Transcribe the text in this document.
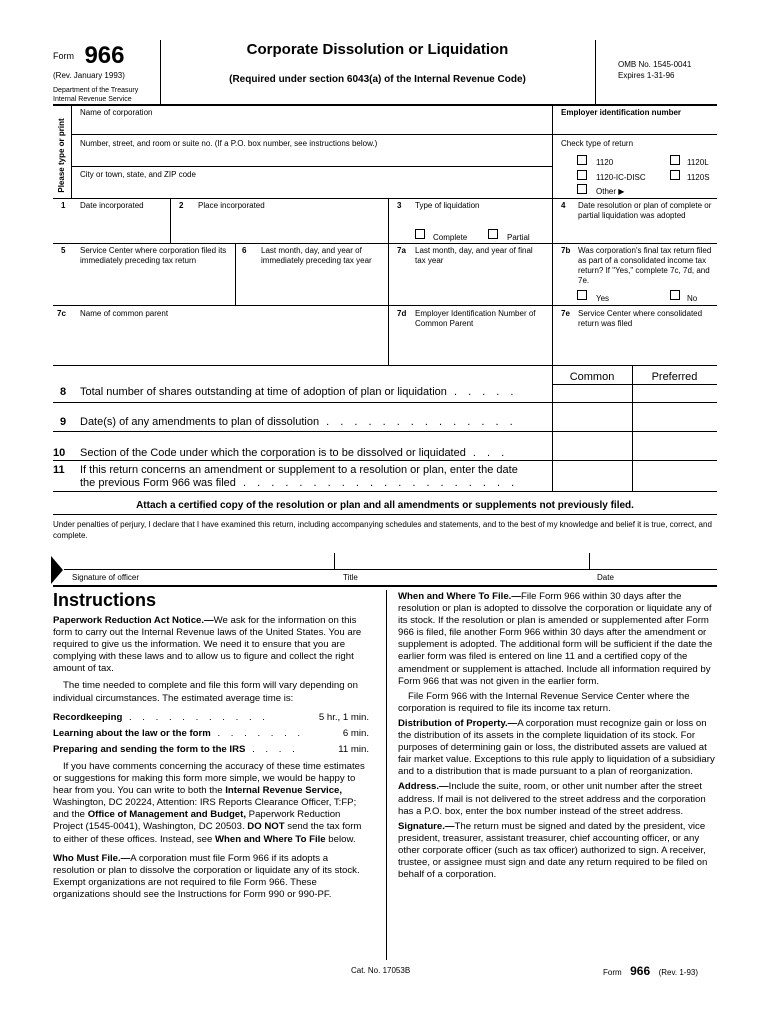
Form 966
(Rev. January 1993)
Department of the Treasury
Internal Revenue Service
Corporate Dissolution or Liquidation
(Required under section 6043(a) of the Internal Revenue Code)
OMB No. 1545-0041
Expires 1-31-96
Please type or print
Name of corporation	Employer identification number
Number, street, and room or suite no. (If a P.O. box number, see instructions below.)	Check type of return
City or town, state, and ZIP code
1120	1120L
1120-IC-DISC	1120S
Other ▶
1 Date incorporated	2 Place incorporated	3 Type of liquidation
Complete	Partial
4 Date resolution or plan of complete or partial liquidation was adopted
5 Service Center where corporation filed its immediately preceding tax return
6 Last month, day, and year of immediately preceding tax year
7a Last month, day, and year of final tax year
7b Was corporation's final tax return filed as part of a consolidated income tax return? If "Yes," complete 7c, 7d, and 7e.
Yes	No
7c Name of common parent	7d Employer Identification Number of Common Parent
7e Service Center where consolidated return was filed
Common	Preferred
8 Total number of shares outstanding at time of adoption of plan or liquidation . . . . .
9 Date(s) of any amendments to plan of dissolution . . . . . . . . . . . . . .
10 Section of the Code under which the corporation is to be dissolved or liquidated . . .
11 If this return concerns an amendment or supplement to a resolution or plan, enter the date
the previous Form 966 was filed . . . . . . . . . . . . . . . . . . . .
Attach a certified copy of the resolution or plan and all amendments or supplements not previously filed.
Under penalties of perjury, I declare that I have examined this return, including accompanying schedules and statements, and to the best of my knowledge and belief it is true, correct, and complete.
Signature of officer	Title	Date
Instructions

Paperwork Reduction Act Notice.—We ask for the information on this form to carry out the Internal Revenue laws of the United States. You are required to give us the information. We need it to ensure that you are complying with these laws and to allow us to figure and collect the right amount of tax.

The time needed to complete and file this form will vary depending on individual circumstances. The estimated average time is:

Recordkeeping . . . . . . . . . . .	5 hr., 1 min.

Learning about the law or the form . . . . . . .	6 min.

Preparing and sending the form to the IRS . . . .	11 min.

If you have comments concerning the accuracy of these time estimates or suggestions for making this form more simple, we would be happy to hear from you. You can write to both the Internal Revenue Service, Washington, DC 20224, Attention: IRS Reports Clearance Officer, T:FP; and the Office of Management and Budget, Paperwork Reduction Project (1545-0041), Washington, DC 20503. DO NOT send the tax form to either of these offices. Instead, see When and Where To File below.

Who Must File.—A corporation must file Form 966 if its adopts a resolution or plan to dissolve the corporation or liquidate any of its stock. Exempt organizations are not required to file Form 966. These organizations should see the Instructions for Form 990 or 990-PF.

When and Where To File.—File Form 966 within 30 days after the resolution or plan is adopted to dissolve the corporation or liquidate any of its stock. If the resolution or plan is amended or supplemented after Form 966 is filed, file another Form 966 within 30 days after the amendment or supplement is adopted. The additional form will be sufficient if the date the earlier form was filed is entered on line 11 and a certified copy of the amendment or supplement is attached. Include all information required by Form 966 that was not given in the earlier form.

File Form 966 with the Internal Revenue Service Center where the corporation is required to file its income tax return.

Distribution of Property.—A corporation must recognize gain or loss on the distribution of its assets in the complete liquidation of its stock. For purposes of determining gain or loss, the distributed assets are valued at fair market value. Exceptions to this rule apply to liquidation of a subsidiary and to a distribution that is made pursuant to a plan of reorganization.

Address.—Include the suite, room, or other unit number after the street address. If mail is not delivered to the street address and the corporation has a P.O. box, enter the box number instead of the street address.

Signature.—The return must be signed and dated by the president, vice president, treasurer, assistant treasurer, chief accounting officer, or any other corporate officer (such as tax officer) authorized to sign. A receiver, trustee, or assignee must sign and date any return required to be filed on behalf of a corporation.

Cat. No. 17053B	Form 966 (Rev. 1-93)
